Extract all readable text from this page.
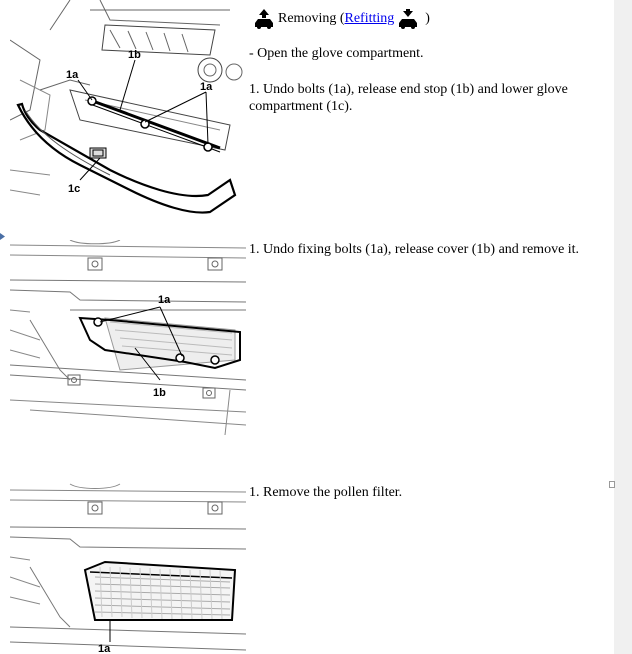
Removing ( Refitting )
- Open the glove compartment.
1. Undo bolts (1a), release end stop (1b) and lower glove compartment (1c).
1. Undo fixing bolts (1a), release cover (1b) and remove it.
1. Remove the pollen filter.
1a
1b
1a
1c
1a
1b
1a
